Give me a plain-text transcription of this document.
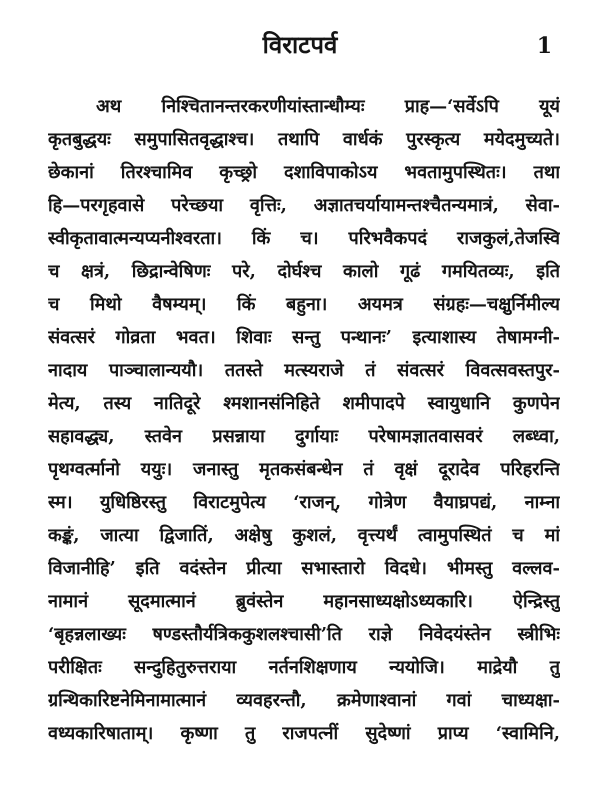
विराटपर्व	1
अथ निश्चितानन्तरकरणीयांस्तान्धौम्यः प्राह—‘सर्वेऽपि यूयं
कृतबुद्धयः समुपासितवृद्धाश्च। तथापि वार्धकं पुरस्कृत्य मयेदमुच्यते।
छेकानां तिरश्चामिव कृच्छ्रो दशाविपाकोऽय भवतामुपस्थितः। तथा
हि—परगृहवासे परेच्छया वृत्तिः, अज्ञातचर्यायामन्तश्चैतन्यमात्रं, सेवा-
स्वीकृतावात्मन्यप्यनीश्वरता। किं च। परिभवैकपदं राजकुलं,तेजस्वि
च क्षत्रं, छिद्रान्वेषिणः परे, दोर्घश्च कालो गूढं गमयितव्यः, इति
च मिथो वैषम्यम्। किं बहुना। अयमत्र संग्रहः—चक्षुर्निमील्य
संवत्सरं गोव्रता भवत। शिवाः सन्तु पन्थानः’ इत्याशास्य तेषामग्नी-
नादाय पाञ्चालान्ययौ। ततस्ते मत्स्यराजे तं संवत्सरं विवत्सवस्तपुर-
मेत्य, तस्य नातिदूरे श्मशानसंनिहिते शमीपादपे स्वायुधानि कुणपेन
सहावद्ध्य, स्तवेन प्रसन्नाया दुर्गायाः परेषामज्ञातवासवरं लब्ध्वा,
पृथग्वर्त्मानो ययुः। जनास्तु मृतकसंबन्धेन तं वृक्षं दूरादेव परिहरन्ति
स्म। युधिष्ठिरस्तु विराटमुपेत्य ‘राजन्, गोत्रेण वैयाघ्रपद्यं, नाम्ना
कङ्कं, जात्या द्विजातिं, अक्षेषु कुशलं, वृत्त्यर्थं त्वामुपस्थितं च मां
विजानीहि’ इति वदंस्तेन प्रीत्या सभास्तारो विदधे। भीमस्तु वल्लव-
नामानं सूदमात्मानं ब्रुवंस्तेन महानसाध्यक्षोऽध्यकारि। ऐन्द्रिस्तु
‘बृहन्नलाख्यः षण्डस्तौर्यत्रिककुशलश्चासी’ति राज्ञे निवेदयंस्तेन स्त्रीभिः
परीक्षितः सन्दुहितुरुत्तराया नर्तनशिक्षणाय न्ययोजि। माद्रेयौ तु
ग्रन्थिकारिष्टनेमिनामात्मानं व्यवहरन्तौ, क्रमेणाश्वानां गवां चाध्यक्षा-
वध्यकारिषाताम्। कृष्णा तु राजपत्नीं सुदेष्णां प्राप्य ‘स्वामिनि,
